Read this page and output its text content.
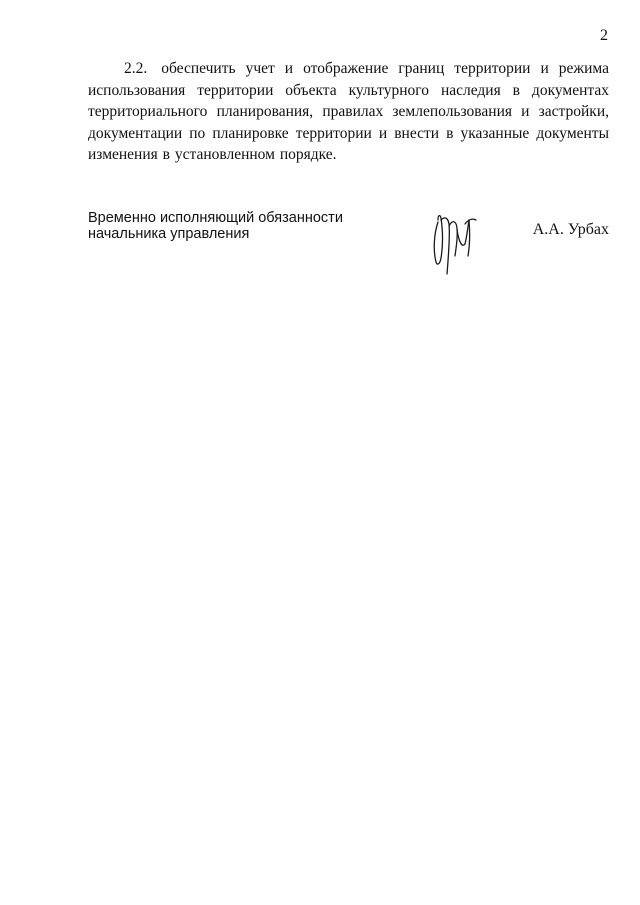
2
2.2. обеспечить учет и отображение границ территории и режима использования территории объекта культурного наследия в документах территориального планирования, правилах землепользования и застройки, документации по планировке территории и внести в указанные документы изменения в установленном порядке.
Временно исполняющий обязанности
начальника управления	А.А. Урбах
